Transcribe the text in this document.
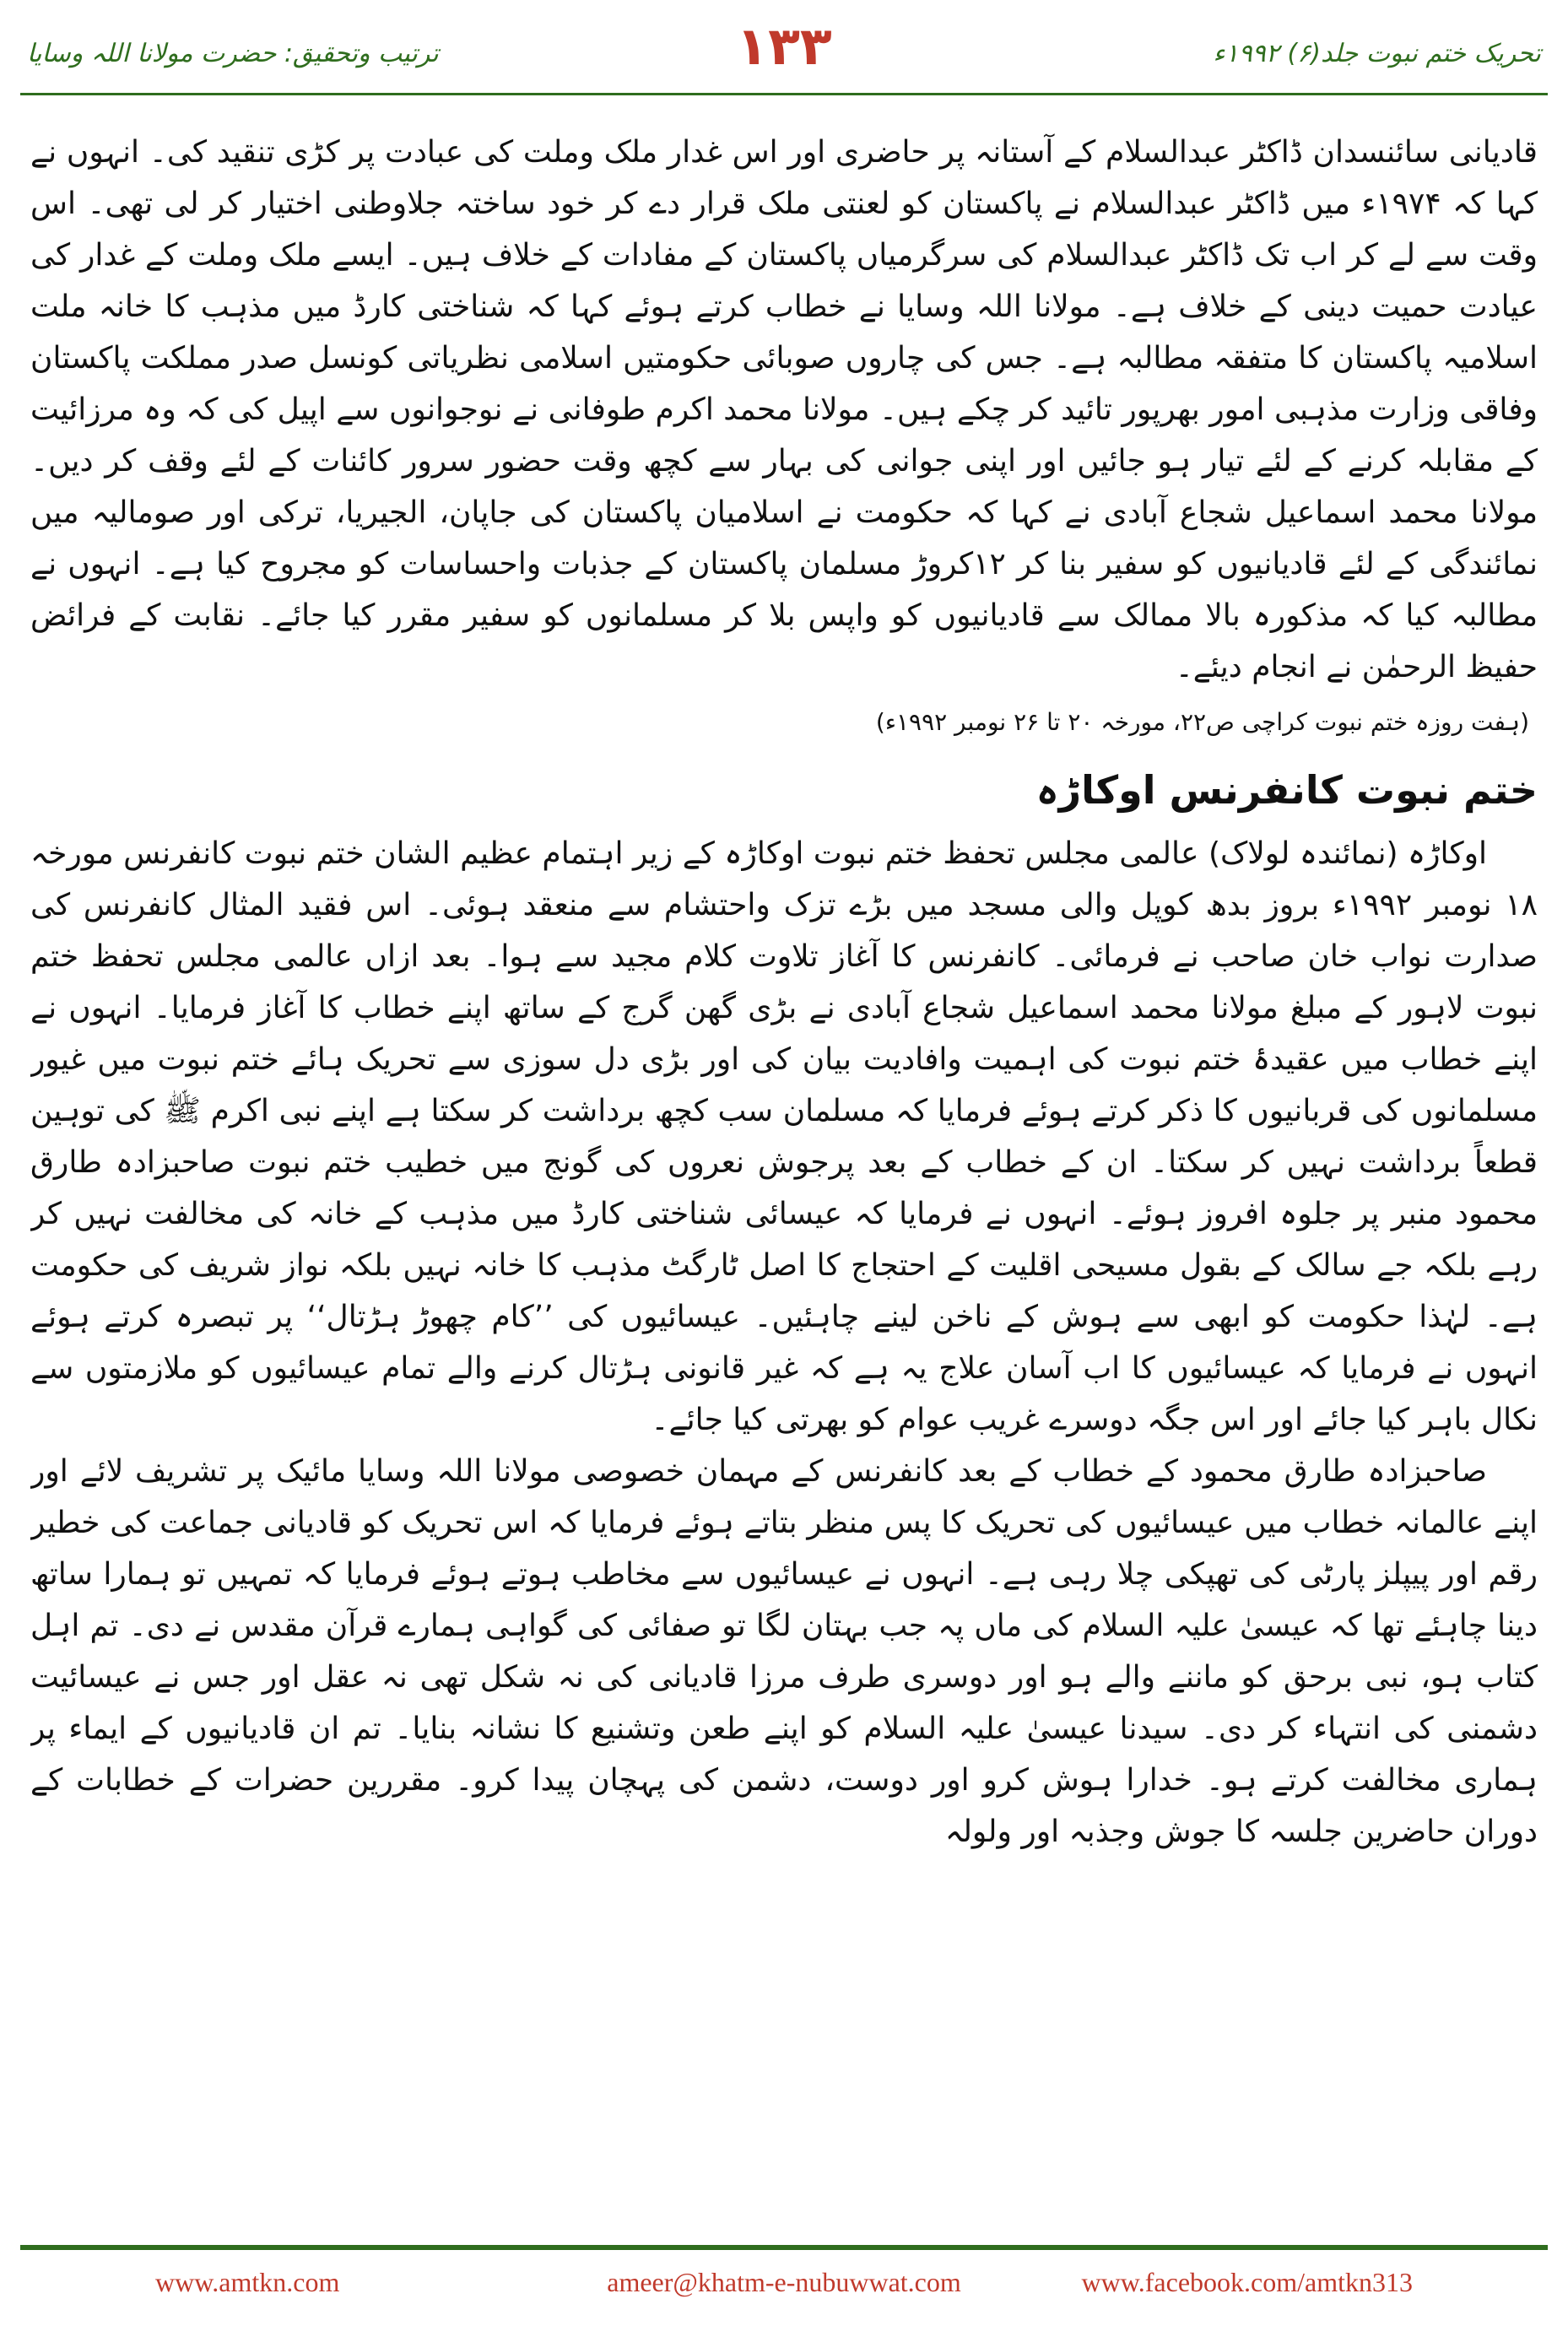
ترتیب وتحقیق: حضرت مولانا اللہ وسایا	۱۳۳	تحریک ختم نبوت جلد(۶) ۱۹۹۲ء

قادیانی سائنسدان ڈاکٹر عبدالسلام کے آستانہ پر حاضری اور اس غدار ملک وملت کی عبادت پر کڑی تنقید کی۔ انہوں نے کہا کہ ۱۹۷۴ء میں ڈاکٹر عبدالسلام نے پاکستان کو لعنتی ملک قرار دے کر خود ساختہ جلاوطنی اختیار کر لی تھی۔ اس وقت سے لے کر اب تک ڈاکٹر عبدالسلام کی سرگرمیاں پاکستان کے مفادات کے خلاف ہیں۔ ایسے ملک وملت کے غدار کی عیادت حمیت دینی کے خلاف ہے۔ مولانا اللہ وسایا نے خطاب کرتے ہوئے کہا کہ شناختی کارڈ میں مذہب کا خانہ ملت اسلامیہ پاکستان کا متفقہ مطالبہ ہے۔ جس کی چاروں صوبائی حکومتیں اسلامی نظریاتی کونسل صدر مملکت پاکستان وفاقی وزارت مذہبی امور بھرپور تائید کر چکے ہیں۔ مولانا محمد اکرم طوفانی نے نوجوانوں سے اپیل کی کہ وہ مرزائیت کے مقابلہ کرنے کے لئے تیار ہو جائیں اور اپنی جوانی کی بہار سے کچھ وقت حضور سرور کائنات کے لئے وقف کر دیں۔ مولانا محمد اسماعیل شجاع آبادی نے کہا کہ حکومت نے اسلامیان پاکستان کی جاپان، الجیریا، ترکی اور صومالیہ میں نمائندگی کے لئے قادیانیوں کو سفیر بنا کر ۱۲کروڑ مسلمان پاکستان کے جذبات واحساسات کو مجروح کیا ہے۔ انہوں نے مطالبہ کیا کہ مذکورہ بالا ممالک سے قادیانیوں کو واپس بلا کر مسلمانوں کو سفیر مقرر کیا جائے۔ نقابت کے فرائض حفیظ الرحمٰن نے انجام دیئے۔

(ہفت روزہ ختم نبوت کراچی ص۲۲، مورخہ ۲۰ تا ۲۶ نومبر ۱۹۹۲ء)
ختم نبوت کانفرنس اوکاڑہ

اوکاڑہ (نمائندہ لولاک) عالمی مجلس تحفظ ختم نبوت اوکاڑہ کے زیر اہتمام عظیم الشان ختم نبوت کانفرنس مورخہ ۱۸ نومبر ۱۹۹۲ء بروز بدھ کوپل والی مسجد میں بڑے تزک واحتشام سے منعقد ہوئی۔ اس فقید المثال کانفرنس کی صدارت نواب خان صاحب نے فرمائی۔ کانفرنس کا آغاز تلاوت کلام مجید سے ہوا۔ بعد ازاں عالمی مجلس تحفظ ختم نبوت لاہور کے مبلغ مولانا محمد اسماعیل شجاع آبادی نے بڑی گھن گرج کے ساتھ اپنے خطاب کا آغاز فرمایا۔ انہوں نے اپنے خطاب میں عقیدۂ ختم نبوت کی اہمیت وافادیت بیان کی اور بڑی دل سوزی سے تحریک ہائے ختم نبوت میں غیور مسلمانوں کی قربانیوں کا ذکر کرتے ہوئے فرمایا کہ مسلمان سب کچھ برداشت کر سکتا ہے اپنے نبی اکرم ﷺ کی توہین قطعاً برداشت نہیں کر سکتا۔ ان کے خطاب کے بعد پرجوش نعروں کی گونج میں خطیب ختم نبوت صاحبزادہ طارق محمود منبر پر جلوہ افروز ہوئے۔ انہوں نے فرمایا کہ عیسائی شناختی کارڈ میں مذہب کے خانہ کی مخالفت نہیں کر رہے بلکہ جے سالک کے بقول مسیحی اقلیت کے احتجاج کا اصل ٹارگٹ مذہب کا خانہ نہیں بلکہ نواز شریف کی حکومت ہے۔ لہٰذا حکومت کو ابھی سے ہوش کے ناخن لینے چاہئیں۔ عیسائیوں کی ’’کام چھوڑ ہڑتال‘‘ پر تبصرہ کرتے ہوئے انہوں نے فرمایا کہ عیسائیوں کا اب آسان علاج یہ ہے کہ غیر قانونی ہڑتال کرنے والے تمام عیسائیوں کو ملازمتوں سے نکال باہر کیا جائے اور اس جگہ دوسرے غریب عوام کو بھرتی کیا جائے۔

صاحبزادہ طارق محمود کے خطاب کے بعد کانفرنس کے مہمان خصوصی مولانا اللہ وسایا مائیک پر تشریف لائے اور اپنے عالمانہ خطاب میں عیسائیوں کی تحریک کا پس منظر بتاتے ہوئے فرمایا کہ اس تحریک کو قادیانی جماعت کی خطیر رقم اور پیپلز پارٹی کی تھپکی چلا رہی ہے۔ انہوں نے عیسائیوں سے مخاطب ہوتے ہوئے فرمایا کہ تمہیں تو ہمارا ساتھ دینا چاہئے تھا کہ عیسیٰ علیہ السلام کی ماں پہ جب بہتان لگا تو صفائی کی گواہی ہمارے قرآن مقدس نے دی۔ تم اہل کتاب ہو، نبی برحق کو ماننے والے ہو اور دوسری طرف مرزا قادیانی کی نہ شکل تھی نہ عقل اور جس نے عیسائیت دشمنی کی انتہاء کر دی۔ سیدنا عیسیٰ علیہ السلام کو اپنے طعن وتشنیع کا نشانہ بنایا۔ تم ان قادیانیوں کے ایماء پر ہماری مخالفت کرتے ہو۔ خدارا ہوش کرو اور دوست، دشمن کی پہچان پیدا کرو۔ مقررین حضرات کے خطابات کے دوران حاضرین جلسہ کا جوش وجذبہ اور ولولہ

www.amtkn.com	ameer@khatm-e-nubuwwat.com	www.facebook.com/amtkn313
